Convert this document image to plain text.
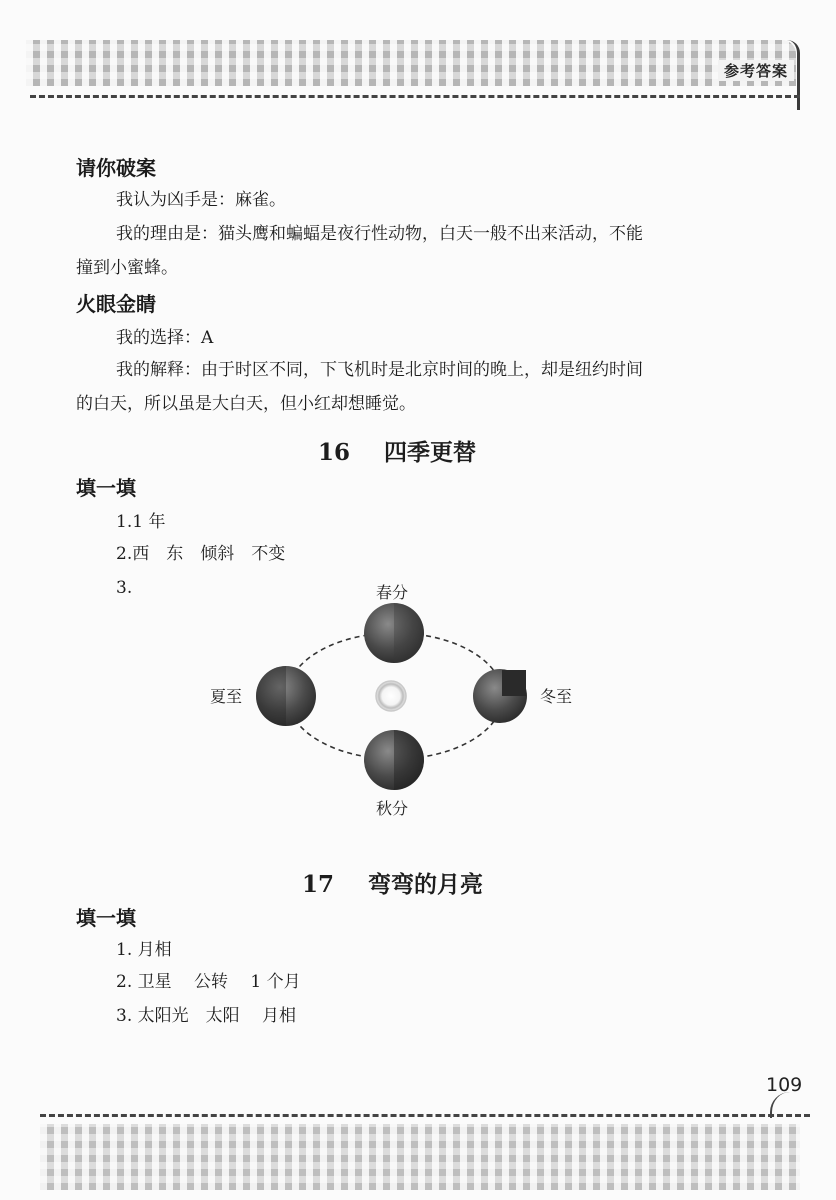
参考答案
请你破案
我认为凶手是：麻雀。
我的理由是：猫头鹰和蝙蝠是夜行性动物，白天一般不出来活动，不能
撞到小蜜蜂。
火眼金睛
我的选择：A
我的解释：由于时区不同，下飞机时是北京时间的晚上，却是纽约时间
的白天，所以虽是大白天，但小红却想睡觉。
16 四季更替
填一填
1.1 年
2.西　东　倾斜　不变
3.	春分
夏至	冬至
秋分
17 弯弯的月亮
填一填
1. 月相
2. 卫星　 公转　 1 个月
3. 太阳光　太阳　 月相
109
